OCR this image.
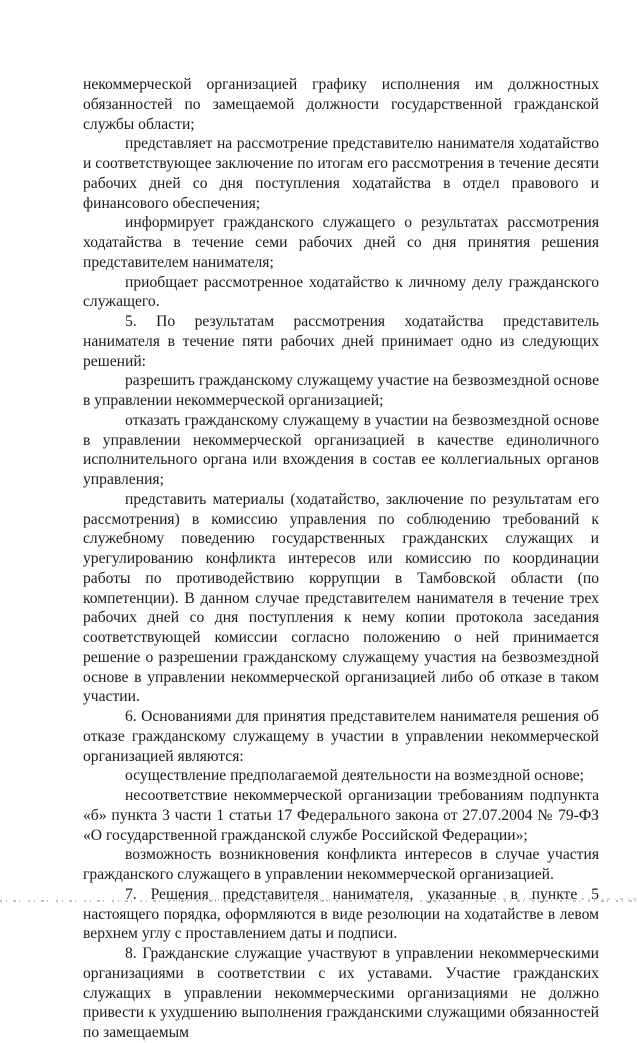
некоммерческой организацией графику исполнения им должностных обязанностей по замещаемой должности государственной гражданской службы области;

представляет на рассмотрение представителю нанимателя ходатайство и соответствующее заключение по итогам его рассмотрения в течение десяти рабочих дней со дня поступления ходатайства в отдел правового и финансового обеспечения;

информирует гражданского служащего о результатах рассмотрения ходатайства в течение семи рабочих дней со дня принятия решения представителем нанимателя;

приобщает рассмотренное ходатайство к личному делу гражданского служащего.

5. По результатам рассмотрения ходатайства представитель нанимателя в течение пяти рабочих дней принимает одно из следующих решений:

разрешить гражданскому служащему участие на безвозмездной основе в управлении некоммерческой организацией;

отказать гражданскому служащему в участии на безвозмездной основе в управлении некоммерческой организацией в качестве единоличного исполнительного органа или вхождения в состав ее коллегиальных органов управления;

представить материалы (ходатайство, заключение по результатам его рассмотрения) в комиссию управления по соблюдению требований к служебному поведению государственных гражданских служащих и урегулированию конфликта интересов или комиссию по координации работы по противодействию коррупции в Тамбовской области (по компетенции). В данном случае представителем нанимателя в течение трех рабочих дней со дня поступления к нему копии протокола заседания соответствующей комиссии согласно положению о ней принимается решение о разрешении гражданскому служащему участия на безвозмездной основе в управлении некоммерческой организацией либо об отказе в таком участии.

6. Основаниями для принятия представителем нанимателя решения об отказе гражданскому служащему в участии в управлении некоммерческой организацией являются:

осуществление предполагаемой деятельности на возмездной основе;

несоответствие некоммерческой организации требованиям подпункта «б» пункта 3 части 1 статьи 17 Федерального закона от 27.07.2004 № 79-ФЗ «О государственной гражданской службе Российской Федерации»;

возможность возникновения конфликта интересов в случае участия гражданского служащего в управлении некоммерческой организацией.

7. Решения представителя нанимателя, указанные в пункте 5 настоящего порядка, оформляются в виде резолюции на ходатайстве в левом верхнем углу с проставлением даты и подписи.

8. Гражданские служащие участвуют в управлении некоммерческими организациями в соответствии с их уставами. Участие гражданских служащих в управлении некоммерческими организациями не должно привести к ухудшению выполнения гражданскими служащими обязанностей по замещаемым
